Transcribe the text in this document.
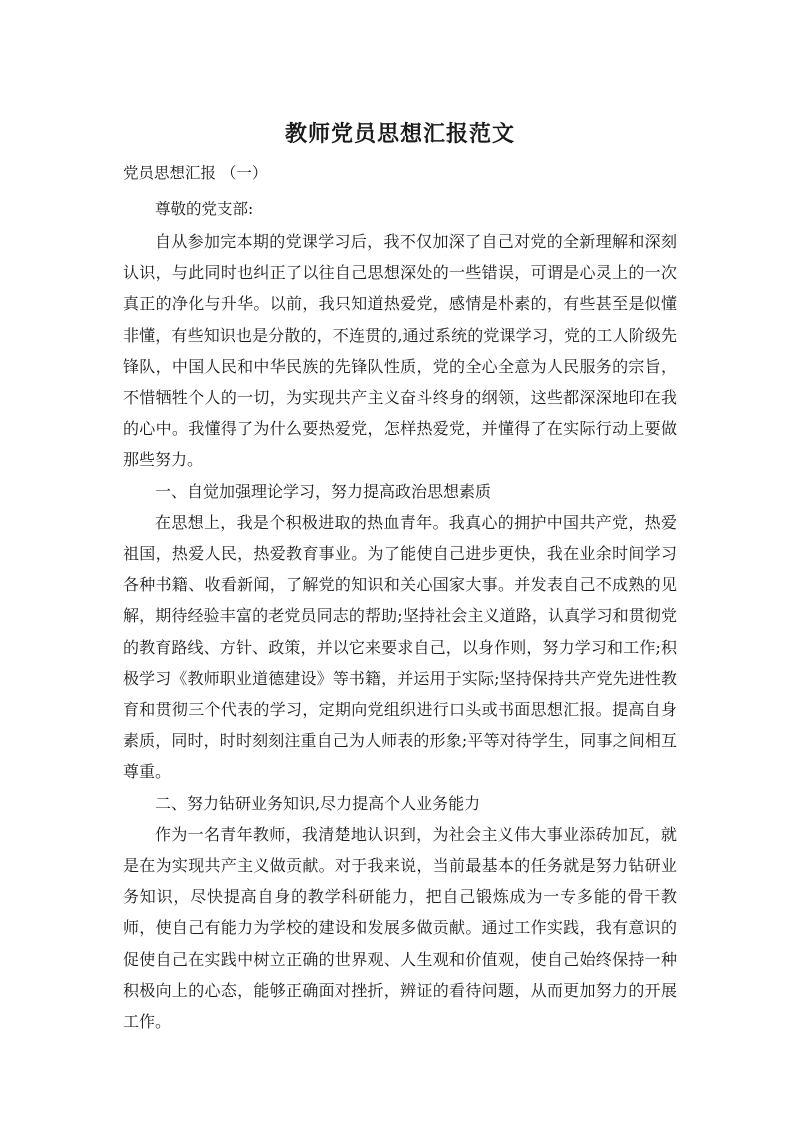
教师党员思想汇报范文

党员思想汇报 （一）

尊敬的党支部:

自从参加完本期的党课学习后，我不仅加深了自己对党的全新理解和深刻认识，与此同时也纠正了以往自己思想深处的一些错误，可谓是心灵上的一次真正的净化与升华。以前，我只知道热爱党，感情是朴素的，有些甚至是似懂非懂，有些知识也是分散的，不连贯的,通过系统的党课学习，党的工人阶级先锋队，中国人民和中华民族的先锋队性质，党的全心全意为人民服务的宗旨，不惜牺牲个人的一切，为实现共产主义奋斗终身的纲领，这些都深深地印在我的心中。我懂得了为什么要热爱党，怎样热爱党，并懂得了在实际行动上要做那些努力。

一、自觉加强理论学习，努力提高政治思想素质

在思想上，我是个积极进取的热血青年。我真心的拥护中国共产党，热爱祖国，热爱人民，热爱教育事业。为了能使自己进步更快，我在业余时间学习各种书籍、收看新闻，了解党的知识和关心国家大事。并发表自己不成熟的见解，期待经验丰富的老党员同志的帮助;坚持社会主义道路，认真学习和贯彻党的教育路线、方针、政策，并以它来要求自己，以身作则，努力学习和工作;积极学习《教师职业道德建设》等书籍，并运用于实际;坚持保持共产党先进性教育和贯彻三个代表的学习，定期向党组织进行口头或书面思想汇报。提高自身素质，同时，时时刻刻注重自己为人师表的形象;平等对待学生，同事之间相互尊重。

二、努力钻研业务知识,尽力提高个人业务能力

作为一名青年教师，我清楚地认识到，为社会主义伟大事业添砖加瓦，就是在为实现共产主义做贡献。对于我来说，当前最基本的任务就是努力钻研业务知识，尽快提高自身的教学科研能力，把自己锻炼成为一专多能的骨干教师，使自己有能力为学校的建设和发展多做贡献。通过工作实践，我有意识的促使自己在实践中树立正确的世界观、人生观和价值观，使自己始终保持一种积极向上的心态，能够正确面对挫折，辨证的看待问题，从而更加努力的开展工作。
